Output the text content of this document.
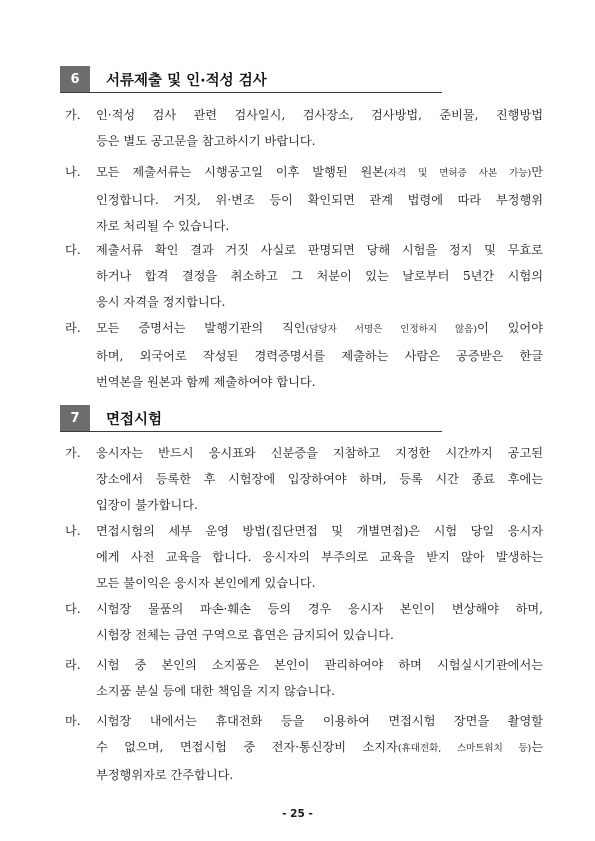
6	서류제출 및 인·적성 검사
가.	인·적성 검사 관련 검사일시, 검사장소, 검사방법, 준비물, 진행방법
등은 별도 공고문을 참고하시기 바랍니다.
나.	모든 제출서류는 시행공고일 이후 발행된 원본(자격 및 면허증 사본 가능)만
인정합니다. 거짓, 위·변조 등이 확인되면 관계 법령에 따라 부정행위
자로 처리될 수 있습니다.
다.	제출서류 확인 결과 거짓 사실로 판명되면 당해 시험을 정지 및 무효로
하거나 합격 결정을 취소하고 그 처분이 있는 날로부터 5년간 시험의
응시 자격을 정지합니다.
라.	모든 증명서는 발행기관의 직인(담당자 서명은 인정하지 않음)이 있어야
하며, 외국어로 작성된 경력증명서를 제출하는 사람은 공증받은 한글
번역본을 원본과 함께 제출하여야 합니다.
7	면접시험
가.	응시자는 반드시 응시표와 신분증을 지참하고 지정한 시간까지 공고된
장소에서 등록한 후 시험장에 입장하여야 하며, 등록 시간 종료 후에는
입장이 불가합니다.
나.	면접시험의 세부 운영 방법(집단면접 및 개별면접)은 시험 당일 응시자
에게 사전 교육을 합니다. 응시자의 부주의로 교육을 받지 않아 발생하는
모든 불이익은 응시자 본인에게 있습니다.
다.	시험장 물품의 파손·훼손 등의 경우 응시자 본인이 변상해야 하며,
시험장 전체는 금연 구역으로 흡연은 금지되어 있습니다.
라.	시험 중 본인의 소지품은 본인이 관리하여야 하며 시험실시기관에서는
소지품 분실 등에 대한 책임을 지지 않습니다.
마.	시험장 내에서는 휴대전화 등을 이용하여 면접시험 장면을 촬영할
수 없으며, 면접시험 중 전자·통신장비 소지자(휴대전화, 스마트워치 등)는
부정행위자로 간주합니다.
- 25 -
